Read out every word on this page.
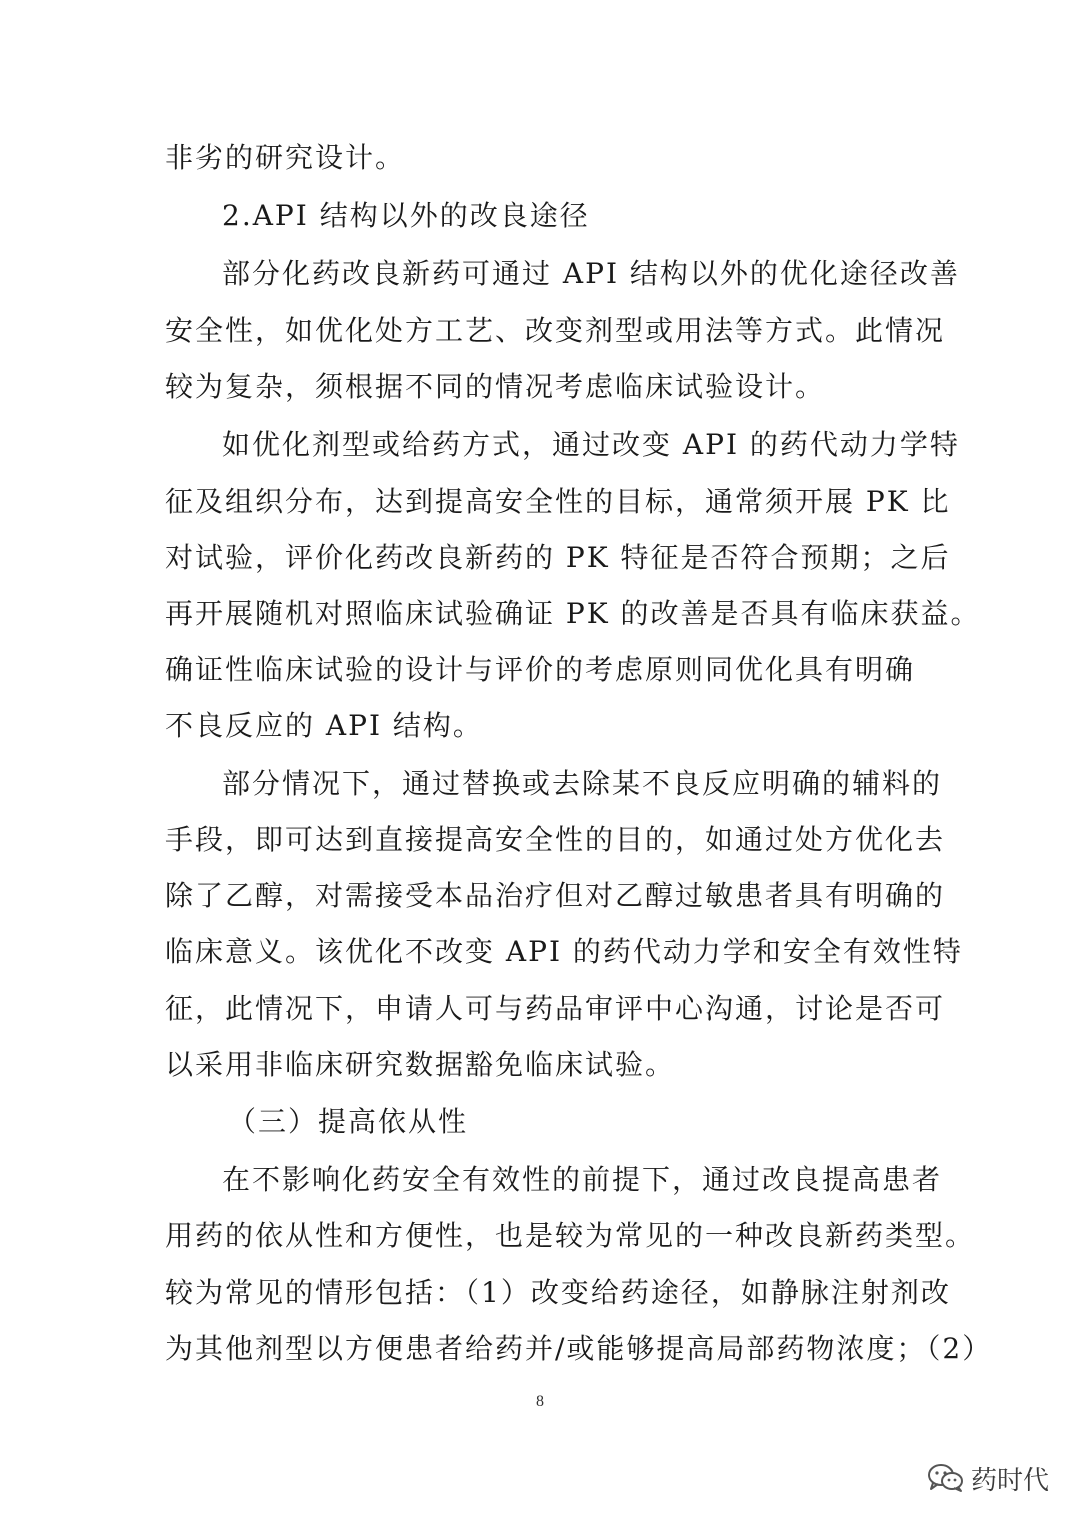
非劣的研究设计。
2.API 结构以外的改良途径
部分化药改良新药可通过 API 结构以外的优化途径改善
安全性，如优化处方工艺、改变剂型或用法等方式。此情况
较为复杂，须根据不同的情况考虑临床试验设计。
如优化剂型或给药方式，通过改变 API 的药代动力学特
征及组织分布，达到提高安全性的目标，通常须开展 PK 比
对试验，评价化药改良新药的 PK 特征是否符合预期；之后
再开展随机对照临床试验确证 PK 的改善是否具有临床获益。
确证性临床试验的设计与评价的考虑原则同优化具有明确
不良反应的 API 结构。
部分情况下，通过替换或去除某不良反应明确的辅料的
手段，即可达到直接提高安全性的目的，如通过处方优化去
除了乙醇，对需接受本品治疗但对乙醇过敏患者具有明确的
临床意义。该优化不改变 API 的药代动力学和安全有效性特
征，此情况下，申请人可与药品审评中心沟通，讨论是否可
以采用非临床研究数据豁免临床试验。
（三）提高依从性
在不影响化药安全有效性的前提下，通过改良提高患者
用药的依从性和方便性，也是较为常见的一种改良新药类型。
较为常见的情形包括：（1）改变给药途径，如静脉注射剂改
为其他剂型以方便患者给药并/或能够提高局部药物浓度；（2）
8
药时代
